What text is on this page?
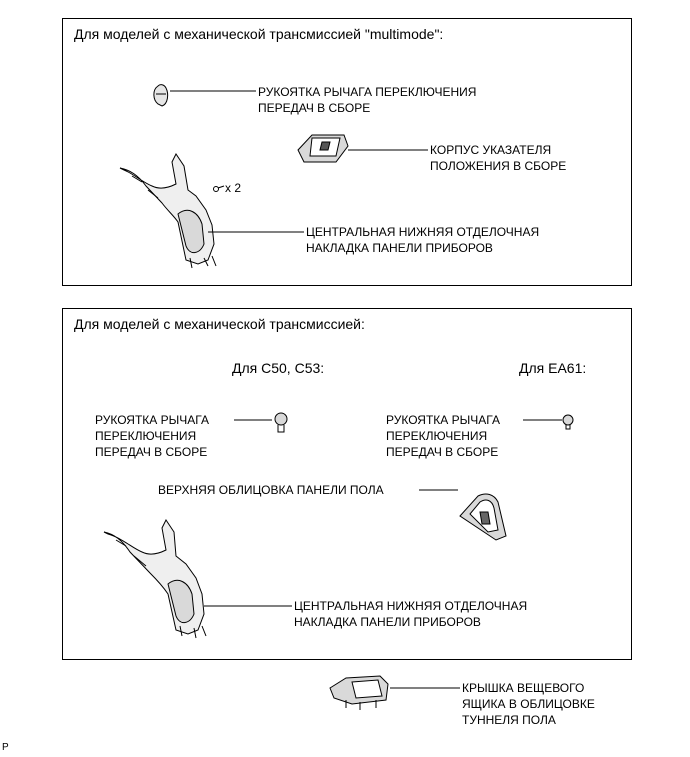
Для моделей с механической трансмиссией "multimode":
РУКОЯТКА РЫЧАГА ПЕРЕКЛЮЧЕНИЯ
ПЕРЕДАЧ В СБОРЕ
КОРПУС УКАЗАТЕЛЯ
ПОЛОЖЕНИЯ В СБОРЕ
x 2
ЦЕНТРАЛЬНАЯ НИЖНЯЯ ОТДЕЛОЧНАЯ
НАКЛАДКА ПАНЕЛИ ПРИБОРОВ
Для моделей с механической трансмиссией:
Для C50, C53:	Для EA61:
РУКОЯТКА РЫЧАГА
ПЕРЕКЛЮЧЕНИЯ
ПЕРЕДАЧ В СБОРЕ
РУКОЯТКА РЫЧАГА
ПЕРЕКЛЮЧЕНИЯ
ПЕРЕДАЧ В СБОРЕ
ВЕРХНЯЯ ОБЛИЦОВКА ПАНЕЛИ ПОЛА
ЦЕНТРАЛЬНАЯ НИЖНЯЯ ОТДЕЛОЧНАЯ
НАКЛАДКА ПАНЕЛИ ПРИБОРОВ
КРЫШКА ВЕЩЕВОГО
ЯЩИКА В ОБЛИЦОВКЕ
ТУННЕЛЯ ПОЛА
P
